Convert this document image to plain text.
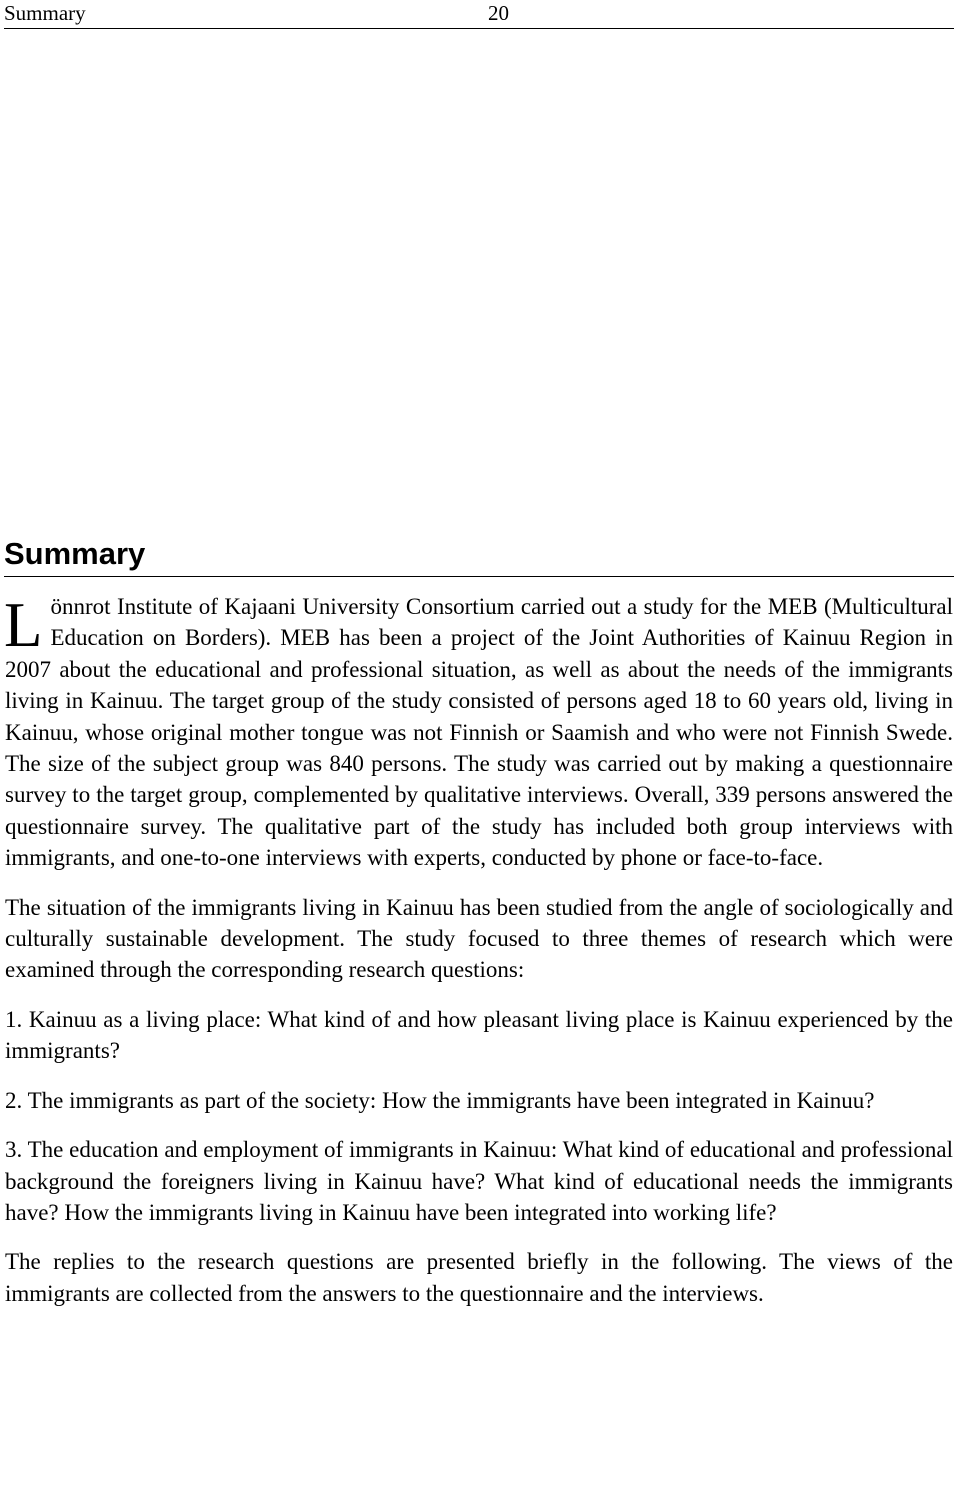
Summary	20
Summary

Lönnrot Institute of Kajaani University Consortium carried out a study for the MEB (Multicultural Education on Borders). MEB has been a project of the Joint Authorities of Kainuu Region in 2007 about the educational and professional situation, as well as about the needs of the immigrants living in Kainuu. The target group of the study consisted of persons aged 18 to 60 years old, living in Kainuu, whose original mother tongue was not Finnish or Saamish and who were not Finnish Swede. The size of the subject group was 840 persons. The study was carried out by making a questionnaire survey to the target group, complemented by qualitative interviews. Overall, 339 persons answered the questionnaire survey. The qualitative part of the study has included both group interviews with immigrants, and one-to-one interviews with experts, conducted by phone or face-to-face.

The situation of the immigrants living in Kainuu has been studied from the angle of sociologically and culturally sustainable development. The study focused to three themes of research which were examined through the corresponding research questions:

1. Kainuu as a living place: What kind of and how pleasant living place is Kainuu experienced by the immigrants?

2. The immigrants as part of the society: How the immigrants have been integrated in Kainuu?

3. The education and employment of immigrants in Kainuu: What kind of educational and professional background the foreigners living in Kainuu have? What kind of educational needs the immigrants have? How the immigrants living in Kainuu have been integrated into working life?

The replies to the research questions are presented briefly in the following. The views of the immigrants are collected from the answers to the questionnaire and the interviews.
